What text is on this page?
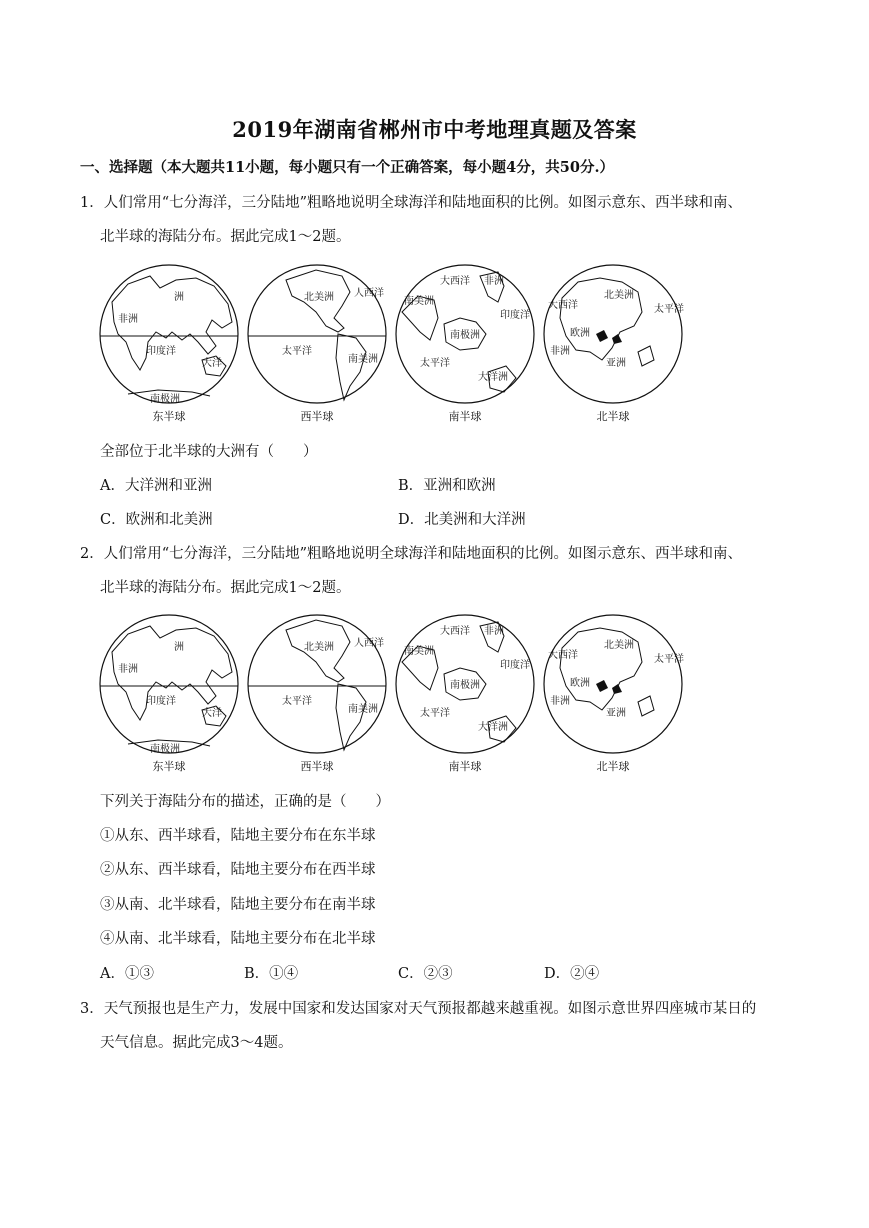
2019年湖南省郴州市中考地理真题及答案
一、选择题（本大题共11小题，每小题只有一个正确答案，每小题4分，共50分.）
1．人们常用“七分海洋，三分陆地”粗略地说明全球海洋和陆地面积的比例。如图示意东、西半球和南、
北半球的海陆分布。据此完成1～2题。
洲
非洲
印度洋
大洋
南极洲
东半球
北美洲 人西洋
南美洲
太平洋
西半球
大西洋 非洲
南美洲
南极洲
印度洋
太平洋
大洋洲
南半球
大西洋
北美洲
太平洋
非洲
欧洲
亚洲
北半球
全部位于北半球的大洲有（　　）
A．大洋洲和亚洲	B．亚洲和欧洲
C．欧洲和北美洲	D．北美洲和大洋洲
2．人们常用“七分海洋，三分陆地”粗略地说明全球海洋和陆地面积的比例。如图示意东、西半球和南、
北半球的海陆分布。据此完成1～2题。
洲
非洲
印度洋
大洋
南极洲
东半球
北美洲 人西洋
南美洲
太平洋
西半球
大西洋 非洲
南美洲
南极洲
印度洋
太平洋
大洋洲
南半球
大西洋
北美洲
太平洋
非洲
欧洲
亚洲
北半球
下列关于海陆分布的描述，正确的是（　　）
①从东、西半球看，陆地主要分布在东半球
②从东、西半球看，陆地主要分布在西半球
③从南、北半球看，陆地主要分布在南半球
④从南、北半球看，陆地主要分布在北半球
A．①③	B．①④	C．②③	D．②④
3．天气预报也是生产力，发展中国家和发达国家对天气预报都越来越重视。如图示意世界四座城市某日的
天气信息。据此完成3～4题。
